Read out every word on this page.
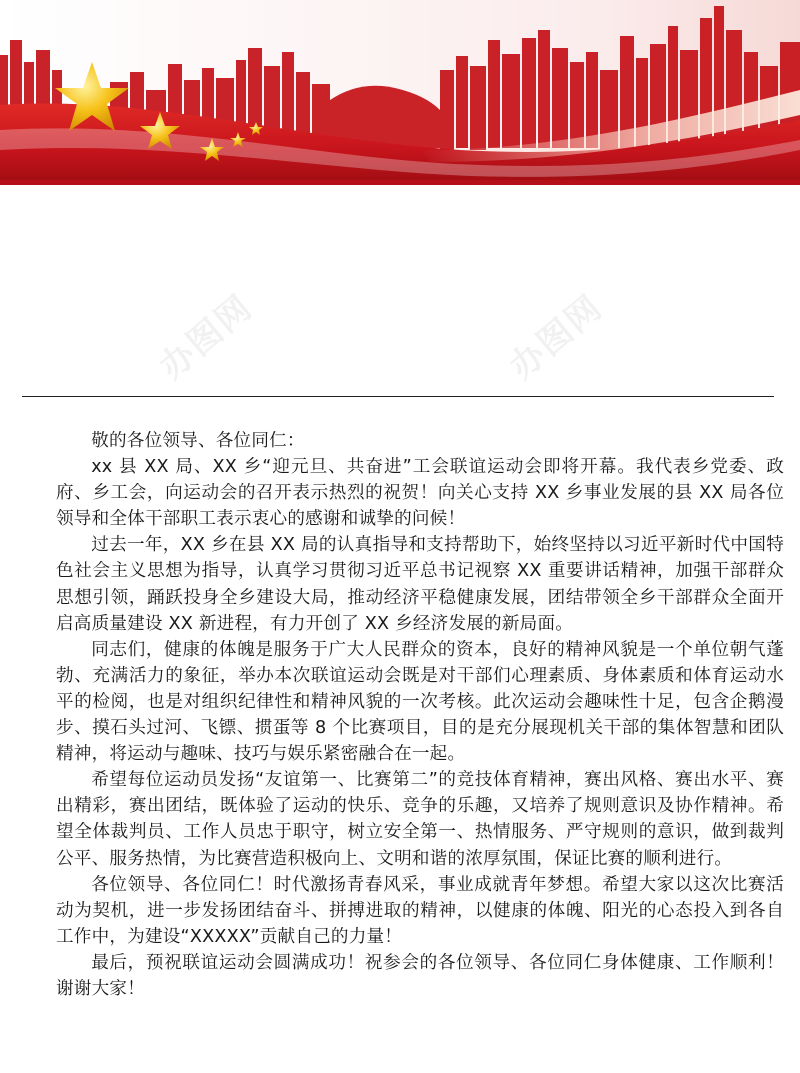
办图网	办图网

敬的各位领导、各位同仁：

xx 县 XX 局、XX 乡“迎元旦、共奋进”工会联谊运动会即将开幕。我代表乡党委、政府、乡工会，向运动会的召开表示热烈的祝贺！向关心支持 XX 乡事业发展的县 XX 局各位领导和全体干部职工表示衷心的感谢和诚挚的问候！

过去一年，XX 乡在县 XX 局的认真指导和支持帮助下，始终坚持以习近平新时代中国特色社会主义思想为指导，认真学习贯彻习近平总书记视察 XX 重要讲话精神，加强干部群众思想引领，踊跃投身全乡建设大局，推动经济平稳健康发展，团结带领全乡干部群众全面开启高质量建设 XX 新进程，有力开创了 XX 乡经济发展的新局面。

同志们，健康的体魄是服务于广大人民群众的资本，良好的精神风貌是一个单位朝气蓬勃、充满活力的象征，举办本次联谊运动会既是对干部们心理素质、身体素质和体育运动水平的检阅，也是对组织纪律性和精神风貌的一次考核。此次运动会趣味性十足，包含企鹅漫步、摸石头过河、飞镖、掼蛋等 8 个比赛项目，目的是充分展现机关干部的集体智慧和团队精神，将运动与趣味、技巧与娱乐紧密融合在一起。

希望每位运动员发扬“友谊第一、比赛第二”的竞技体育精神，赛出风格、赛出水平、赛出精彩，赛出团结，既体验了运动的快乐、竞争的乐趣，又培养了规则意识及协作精神。希望全体裁判员、工作人员忠于职守，树立安全第一、热情服务、严守规则的意识，做到裁判公平、服务热情，为比赛营造积极向上、文明和谐的浓厚氛围，保证比赛的顺利进行。

各位领导、各位同仁！时代激扬青春风采，事业成就青年梦想。希望大家以这次比赛活动为契机，进一步发扬团结奋斗、拼搏进取的精神，以健康的体魄、阳光的心态投入到各自工作中，为建设“XXXXX”贡献自己的力量！

最后，预祝联谊运动会圆满成功！祝参会的各位领导、各位同仁身体健康、工作顺利！谢谢大家！
